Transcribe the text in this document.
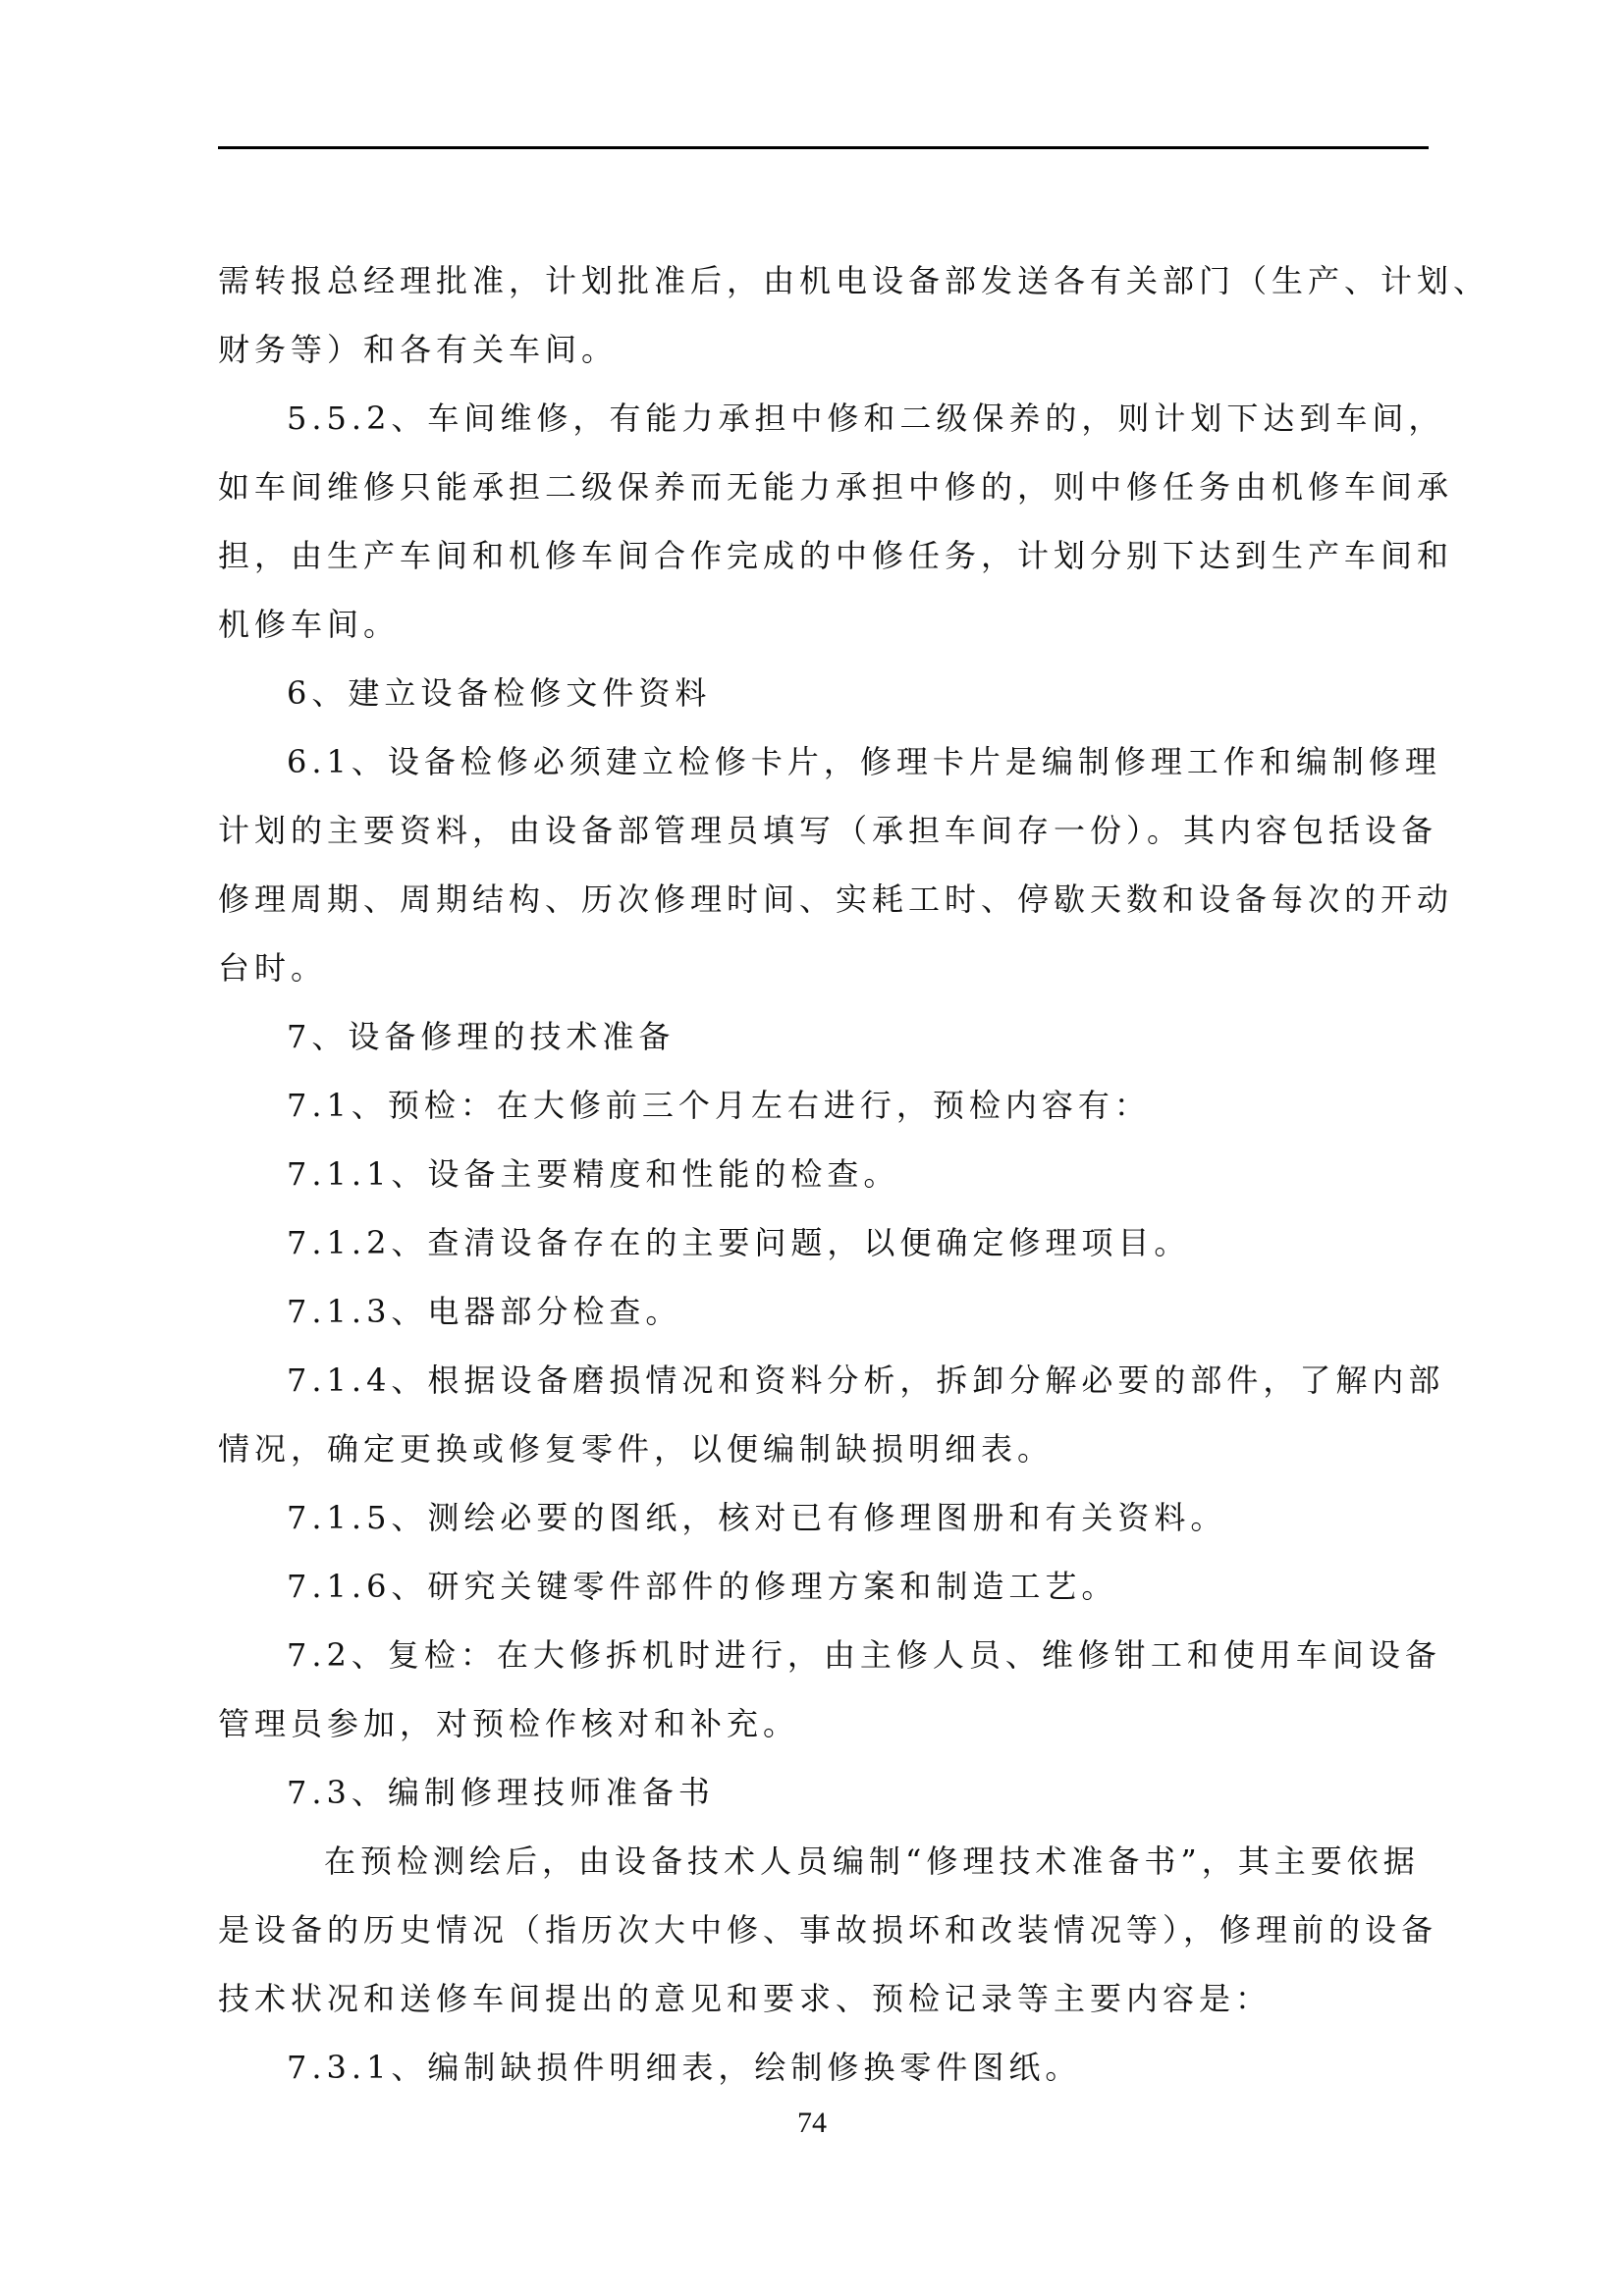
需转报总经理批准，计划批准后，由机电设备部发送各有关部门（生产、计划、
财务等）和各有关车间。
5.5.2、车间维修，有能力承担中修和二级保养的，则计划下达到车间，
如车间维修只能承担二级保养而无能力承担中修的，则中修任务由机修车间承
担，由生产车间和机修车间合作完成的中修任务，计划分别下达到生产车间和
机修车间。
6、建立设备检修文件资料
6.1、设备检修必须建立检修卡片，修理卡片是编制修理工作和编制修理
计划的主要资料，由设备部管理员填写（承担车间存一份）。其内容包括设备
修理周期、周期结构、历次修理时间、实耗工时、停歇天数和设备每次的开动
台时。
7、设备修理的技术准备
7.1、预检：在大修前三个月左右进行，预检内容有：
7.1.1、设备主要精度和性能的检查。
7.1.2、查清设备存在的主要问题，以便确定修理项目。
7.1.3、电器部分检查。
7.1.4、根据设备磨损情况和资料分析，拆卸分解必要的部件，了解内部
情况，确定更换或修复零件，以便编制缺损明细表。
7.1.5、测绘必要的图纸，核对已有修理图册和有关资料。
7.1.6、研究关键零件部件的修理方案和制造工艺。
7.2、复检：在大修拆机时进行，由主修人员、维修钳工和使用车间设备
管理员参加，对预检作核对和补充。
7.3、编制修理技师准备书
在预检测绘后，由设备技术人员编制“修理技术准备书”，其主要依据
是设备的历史情况（指历次大中修、事故损坏和改装情况等），修理前的设备
技术状况和送修车间提出的意见和要求、预检记录等主要内容是：
7.3.1、编制缺损件明细表，绘制修换零件图纸。
74
